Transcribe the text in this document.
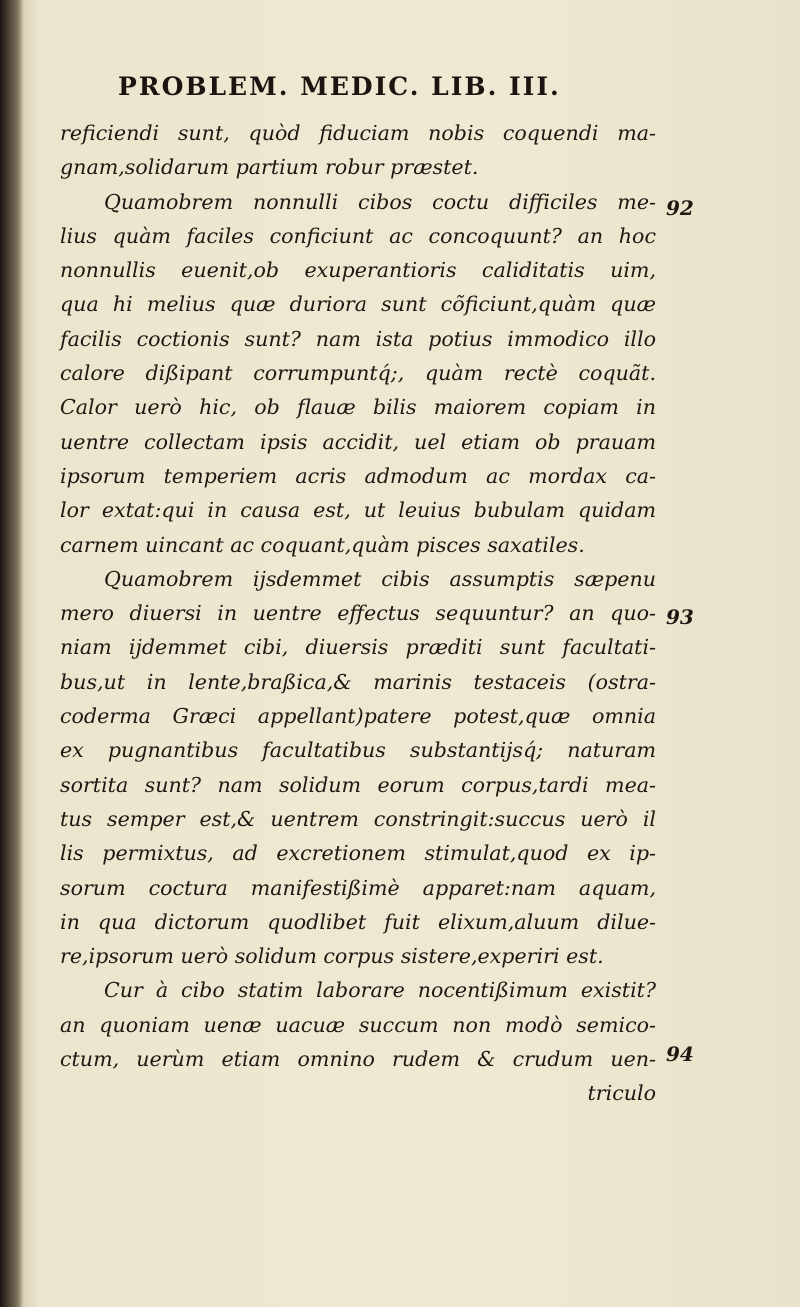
PROBLEM. MEDIC. LIB. III.
reficiendi sunt, quòd fiduciam nobis coquendi ma-
gnam,solidarum partium robur præstet.
Quamobrem nonnulli cibos coctu difficiles me-
lius quàm faciles conficiunt ac concoquunt? an hoc
nonnullis euenit,ob exuperantioris caliditatis uim,
qua hi melius quæ duriora sunt cõficiunt,quàm quæ
facilis coctionis sunt? nam ista potius immodico illo
calore dißipant corrumpuntq́;, quàm rectè coquãt.
Calor uerò hic, ob flauæ bilis maiorem copiam in
uentre collectam ipsis accidit, uel etiam ob prauam
ipsorum temperiem acris admodum ac mordax ca-
lor extat:qui in causa est, ut leuius bubulam quidam
carnem uincant ac coquant,quàm pisces saxatiles.
Quamobrem ijsdemmet cibis assumptis sæpenu
mero diuersi in uentre effectus sequuntur? an quo-
niam ijdemmet cibi, diuersis præditi sunt facultati-
bus,ut in lente,braßica,& marinis testaceis (ostra-
coderma Græci appellant)patere potest,quæ omnia
ex pugnantibus facultatibus substantijsq́; naturam
sortita sunt? nam solidum eorum corpus,tardi mea-
tus semper est,& uentrem constringit:succus uerò il
lis permixtus, ad excretionem stimulat,quod ex ip-
sorum coctura manifestißimè apparet:nam aquam,
in qua dictorum quodlibet fuit elixum,aluum dilue-
re,ipsorum uerò solidum corpus sistere,experiri est.
Cur à cibo statim laborare nocentißimum existit?
an quoniam uenæ uacuæ succum non modò semico-
ctum, uerùm etiam omnino rudem & crudum uen-
triculo
92
93
94
